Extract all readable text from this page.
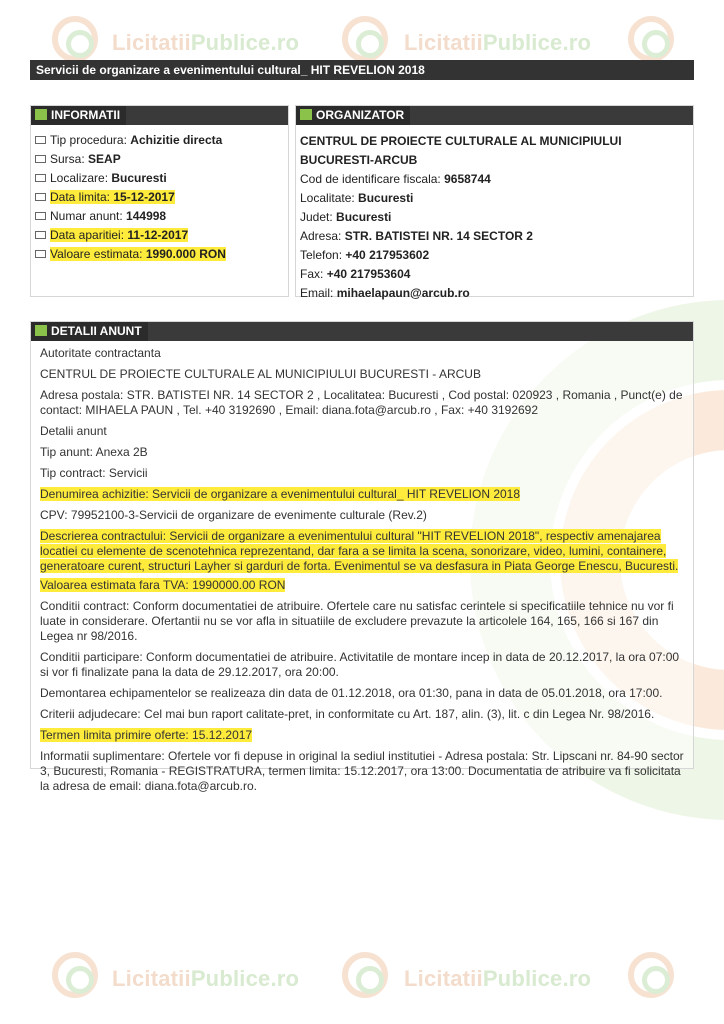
LicitatiiPublice.ro	LicitatiiPublice.ro
LicitatiiPublice.ro	LicitatiiPublice.ro
Servicii de organizare a evenimentului cultural_ HIT REVELION 2018
INFORMATII
Tip procedura: Achizitie directa
Sursa: SEAP
Localizare: Bucuresti
Data limita: 15-12-2017
Numar anunt: 144998
Data aparitiei: 11-12-2017
Valoare estimata: 1990.000 RON
ORGANIZATOR
CENTRUL DE PROIECTE CULTURALE AL MUNICIPIULUI
BUCURESTI-ARCUB
Cod de identificare fiscala: 9658744
Localitate: Bucuresti
Judet: Bucuresti
Adresa: STR. BATISTEI NR. 14 SECTOR 2
Telefon: +40 217953602
Fax: +40 217953604
Email: mihaelapaun@arcub.ro
DETALII ANUNT

Autoritate contractanta

CENTRUL DE PROIECTE CULTURALE AL MUNICIPIULUI BUCURESTI - ARCUB

Adresa postala: STR. BATISTEI NR. 14 SECTOR 2 , Localitatea: Bucuresti , Cod postal: 020923 , Romania , Punct(e) de contact: MIHAELA PAUN , Tel. +40 3192690 , Email: diana.fota@arcub.ro , Fax: +40 3192692

Detalii anunt

Tip anunt: Anexa 2B

Tip contract: Servicii

Denumirea achizitie: Servicii de organizare a evenimentului cultural_ HIT REVELION 2018

CPV: 79952100-3-Servicii de organizare de evenimente culturale (Rev.2)

Descrierea contractului: Servicii de organizare a evenimentului cultural "HIT REVELION 2018", respectiv amenajarea locatiei cu elemente de scenotehnica reprezentand, dar fara a se limita la scena, sonorizare, video, lumini, containere, generatoare curent, structuri Layher si garduri de forta. Evenimentul se va desfasura in Piata George Enescu, Bucuresti.

Valoarea estimata fara TVA: 1990000.00 RON

Conditii contract: Conform documentatiei de atribuire. Ofertele care nu satisfac cerintele si specificatiile tehnice nu vor fi luate in considerare. Ofertantii nu se vor afla in situatiile de excludere prevazute la articolele 164, 165, 166 si 167 din Legea nr 98/2016.

Conditii participare: Conform documentatiei de atribuire. Activitatile de montare incep in data de 20.12.2017, la ora 07:00 si vor fi finalizate pana la data de 29.12.2017, ora 20:00.

Demontarea echipamentelor se realizeaza din data de 01.12.2018, ora 01:30, pana in data de 05.01.2018, ora 17:00.

Criterii adjudecare: Cel mai bun raport calitate-pret, in conformitate cu Art. 187, alin. (3), lit. c din Legea Nr. 98/2016.

Termen limita primire oferte: 15.12.2017

Informatii suplimentare: Ofertele vor fi depuse in original la sediul institutiei - Adresa postala: Str. Lipscani nr. 84-90 sector 3, Bucuresti, Romania - REGISTRATURA, termen limita: 15.12.2017, ora 13:00. Documentatia de atribuire va fi solicitata la adresa de email: diana.fota@arcub.ro.
